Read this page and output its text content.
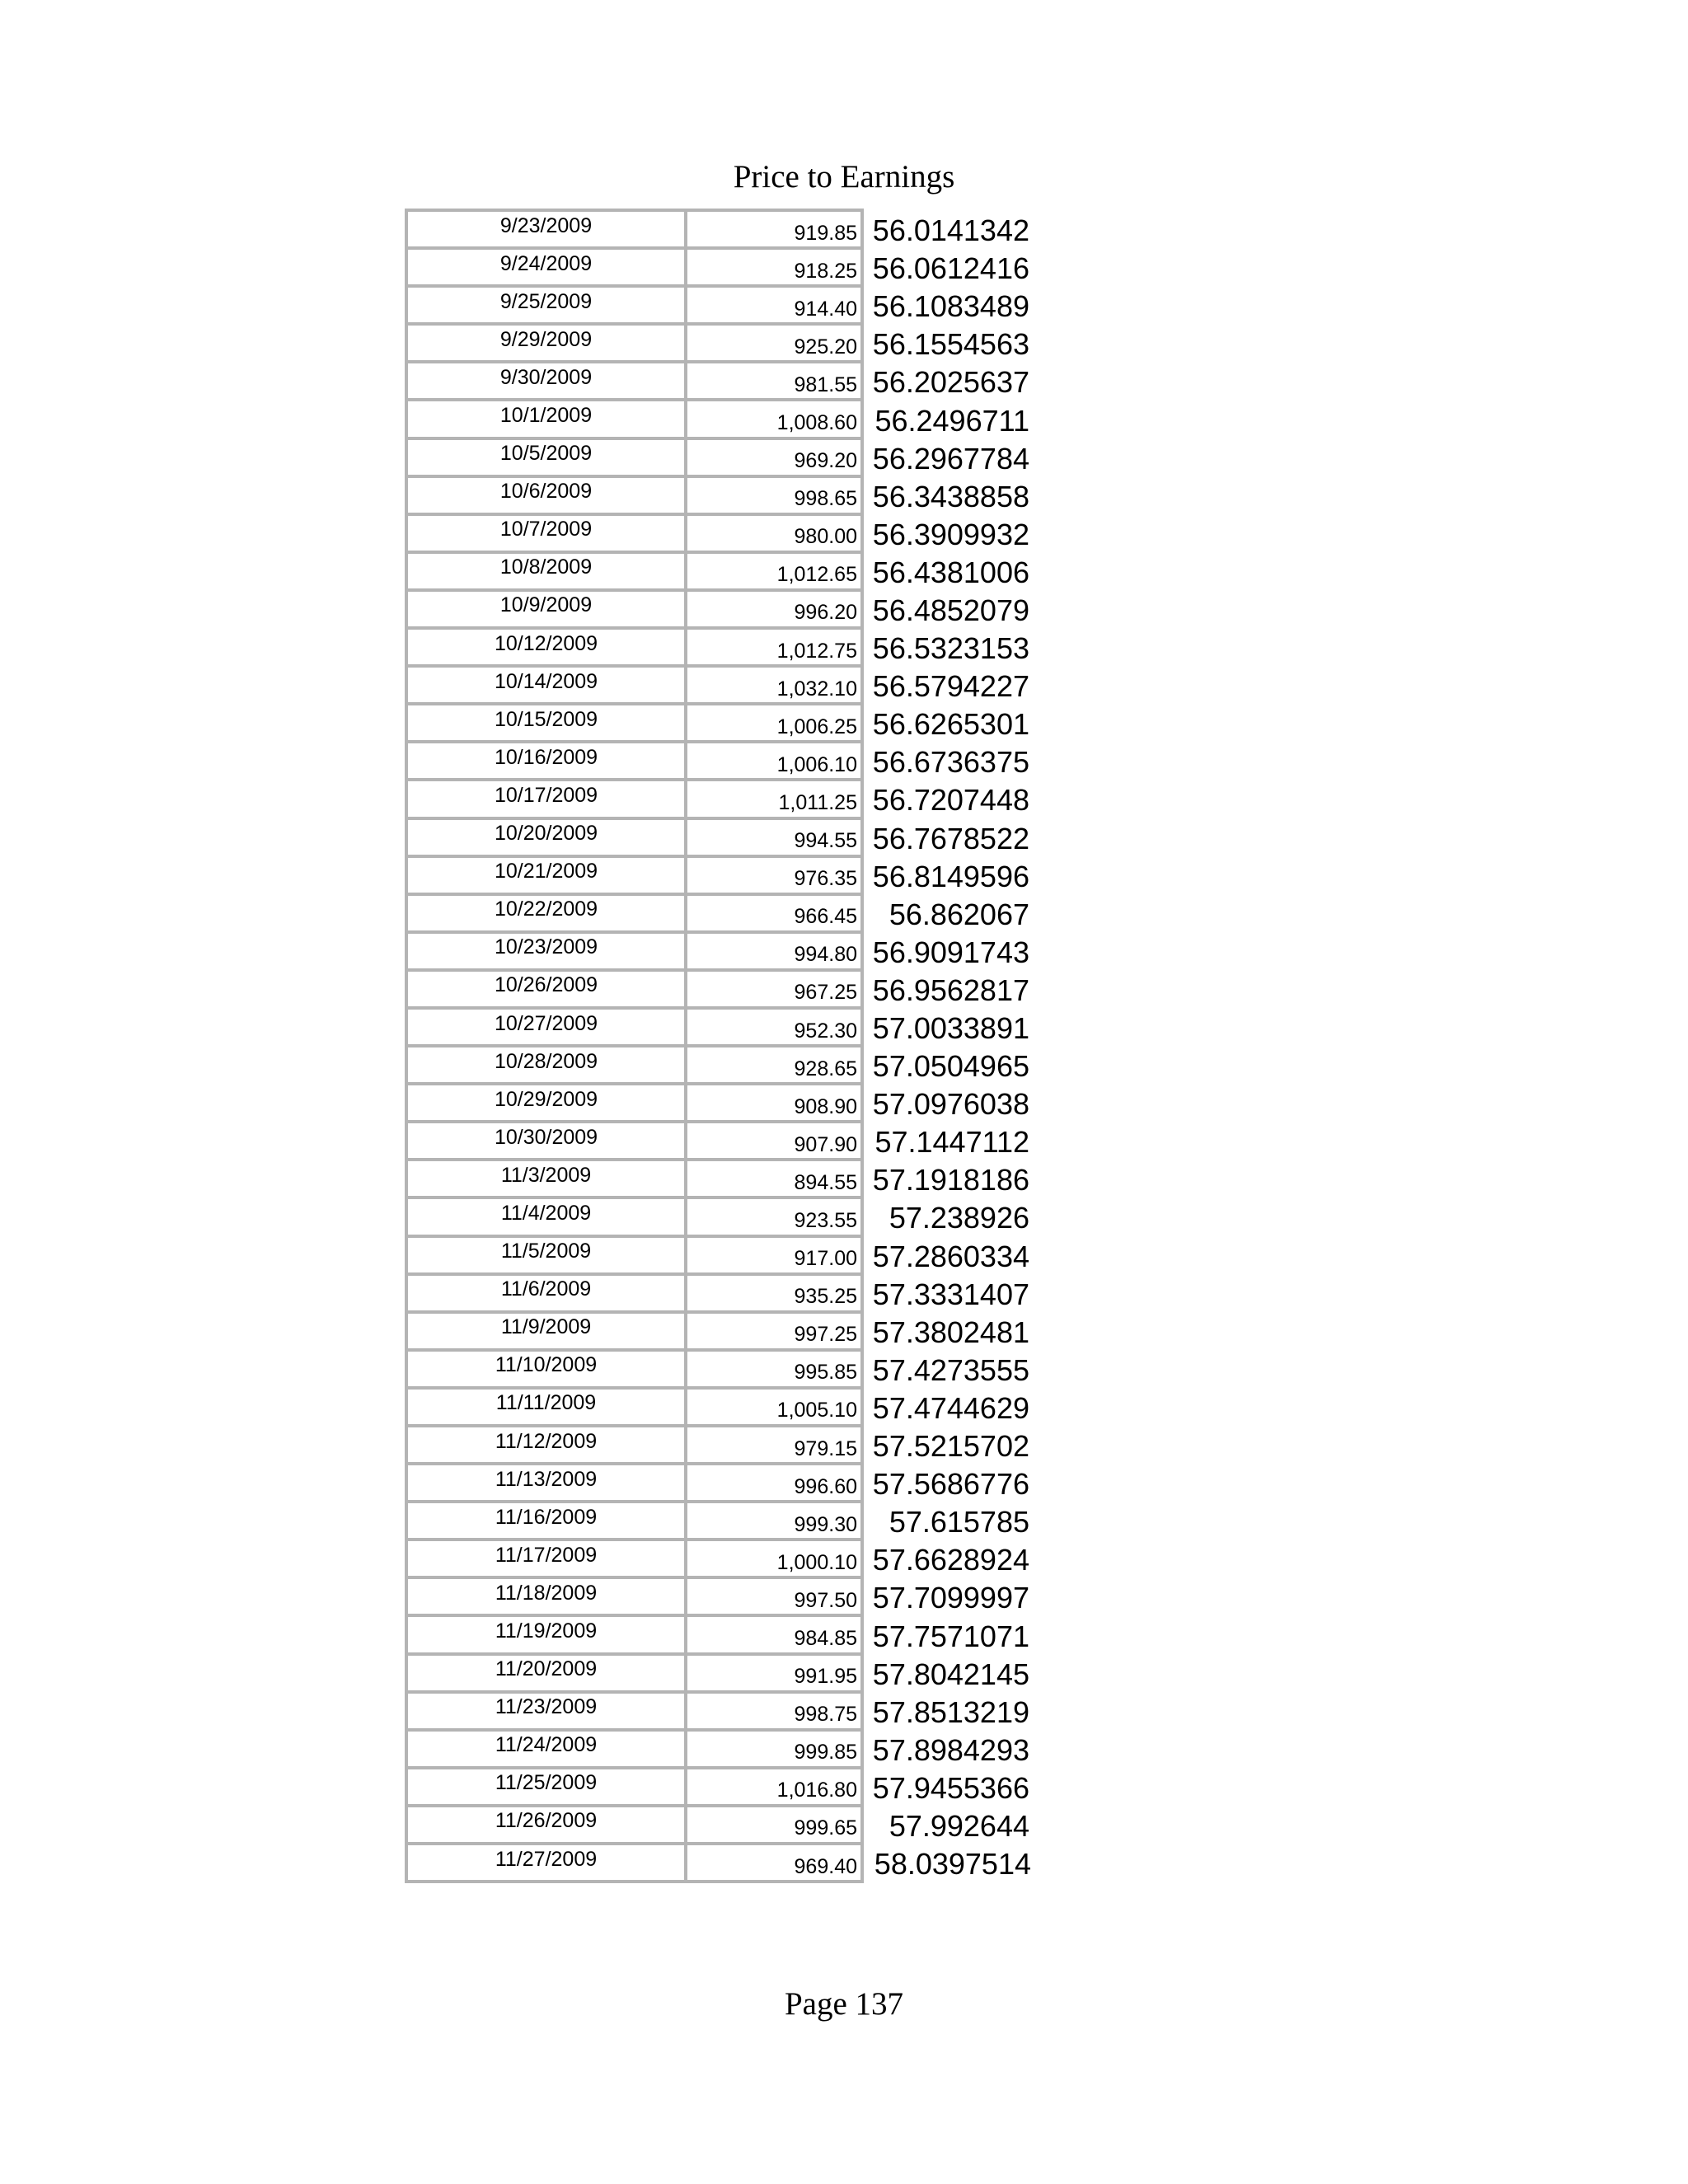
Price to Earnings
9/23/2009	919.85	56.0141342
9/24/2009	918.25	56.0612416
9/25/2009	914.40	56.1083489
9/29/2009	925.20	56.1554563
9/30/2009	981.55	56.2025637
10/1/2009	1,008.60	56.2496711
10/5/2009	969.20	56.2967784
10/6/2009	998.65	56.3438858
10/7/2009	980.00	56.3909932
10/8/2009	1,012.65	56.4381006
10/9/2009	996.20	56.4852079
10/12/2009	1,012.75	56.5323153
10/14/2009	1,032.10	56.5794227
10/15/2009	1,006.25	56.6265301
10/16/2009	1,006.10	56.6736375
10/17/2009	1,011.25	56.7207448
10/20/2009	994.55	56.7678522
10/21/2009	976.35	56.8149596
10/22/2009	966.45	56.862067
10/23/2009	994.80	56.9091743
10/26/2009	967.25	56.9562817
10/27/2009	952.30	57.0033891
10/28/2009	928.65	57.0504965
10/29/2009	908.90	57.0976038
10/30/2009	907.90	57.1447112
11/3/2009	894.55	57.1918186
11/4/2009	923.55	57.238926
11/5/2009	917.00	57.2860334
11/6/2009	935.25	57.3331407
11/9/2009	997.25	57.3802481
11/10/2009	995.85	57.4273555
11/11/2009	1,005.10	57.4744629
11/12/2009	979.15	57.5215702
11/13/2009	996.60	57.5686776
11/16/2009	999.30	57.615785
11/17/2009	1,000.10	57.6628924
11/18/2009	997.50	57.7099997
11/19/2009	984.85	57.7571071
11/20/2009	991.95	57.8042145
11/23/2009	998.75	57.8513219
11/24/2009	999.85	57.8984293
11/25/2009	1,016.80	57.9455366
11/26/2009	999.65	57.992644
11/27/2009	969.40	58.0397514
Page 137
